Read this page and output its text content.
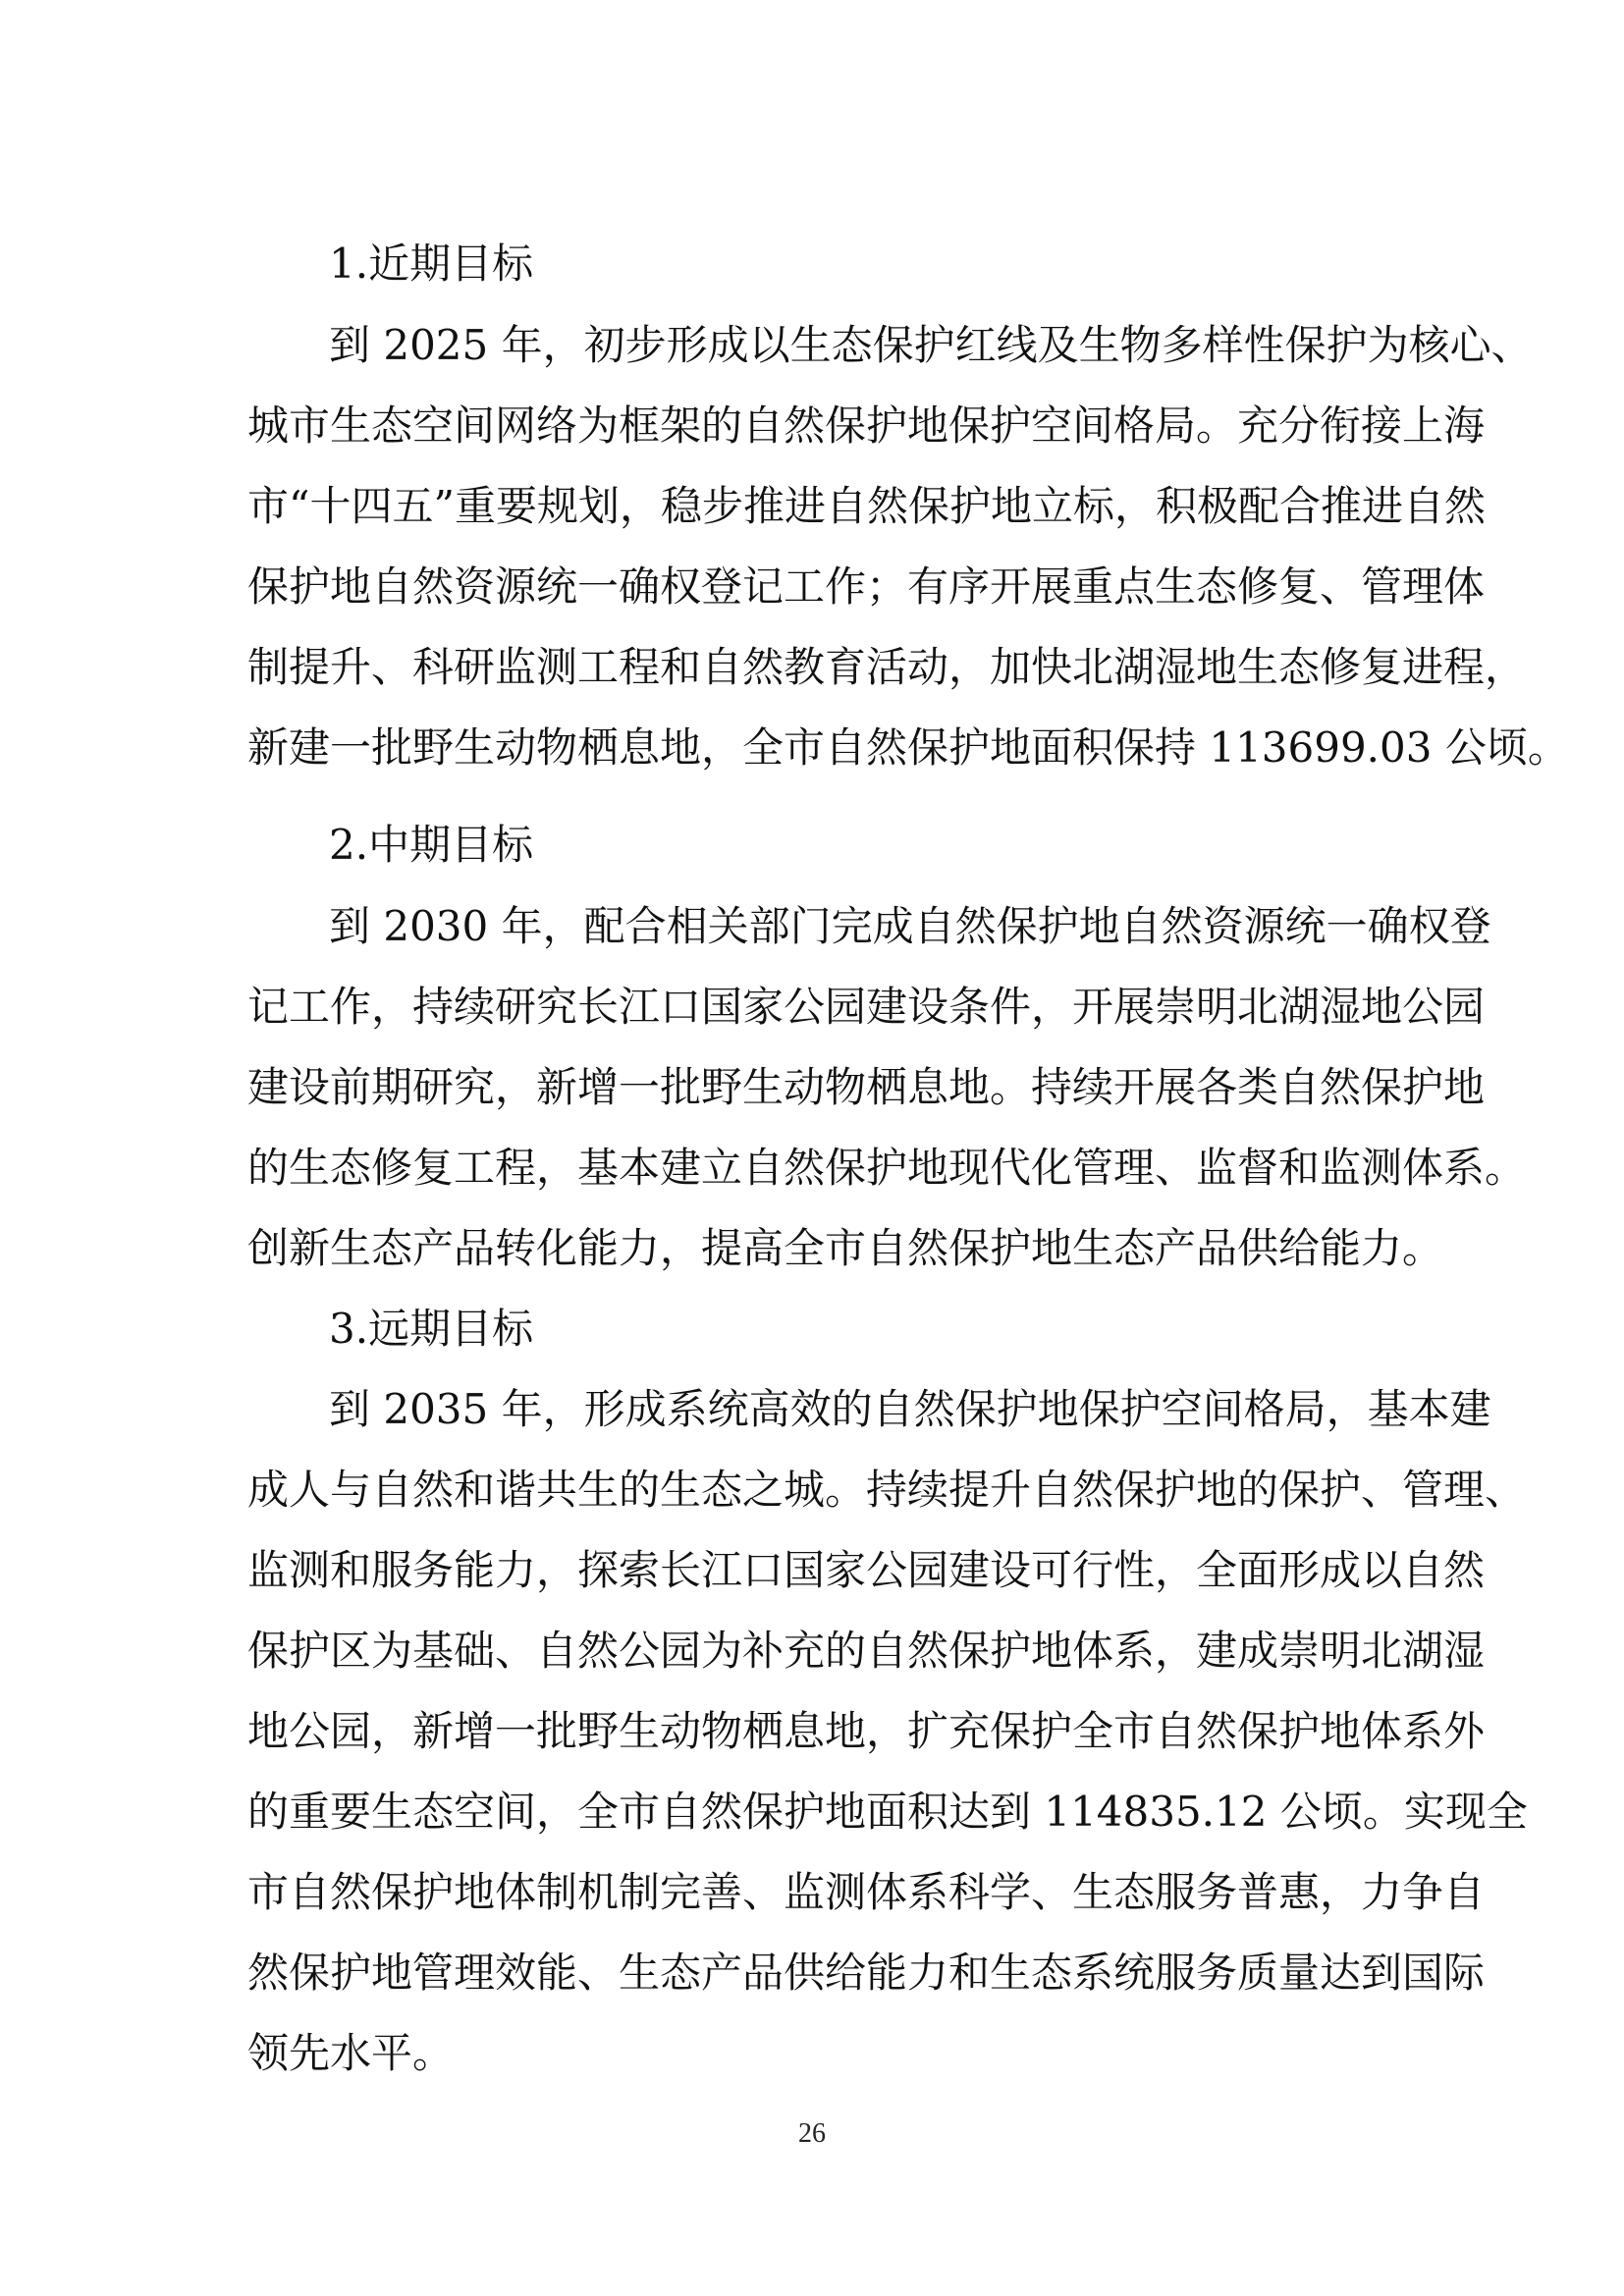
1.近期目标
到 2025 年，初步形成以生态保护红线及生物多样性保护为核心、
城市生态空间网络为框架的自然保护地保护空间格局。充分衔接上海
市“十四五”重要规划，稳步推进自然保护地立标，积极配合推进自然
保护地自然资源统一确权登记工作；有序开展重点生态修复、管理体
制提升、科研监测工程和自然教育活动，加快北湖湿地生态修复进程，
新建一批野生动物栖息地，全市自然保护地面积保持 113699.03 公顷。
2.中期目标
到 2030 年，配合相关部门完成自然保护地自然资源统一确权登
记工作，持续研究长江口国家公园建设条件，开展崇明北湖湿地公园
建设前期研究，新增一批野生动物栖息地。持续开展各类自然保护地
的生态修复工程，基本建立自然保护地现代化管理、监督和监测体系。
创新生态产品转化能力，提高全市自然保护地生态产品供给能力。
3.远期目标
到 2035 年，形成系统高效的自然保护地保护空间格局，基本建
成人与自然和谐共生的生态之城。持续提升自然保护地的保护、管理、
监测和服务能力，探索长江口国家公园建设可行性，全面形成以自然
保护区为基础、自然公园为补充的自然保护地体系，建成崇明北湖湿
地公园，新增一批野生动物栖息地，扩充保护全市自然保护地体系外
的重要生态空间，全市自然保护地面积达到 114835.12 公顷。实现全
市自然保护地体制机制完善、监测体系科学、生态服务普惠，力争自
然保护地管理效能、生态产品供给能力和生态系统服务质量达到国际
领先水平。
26
